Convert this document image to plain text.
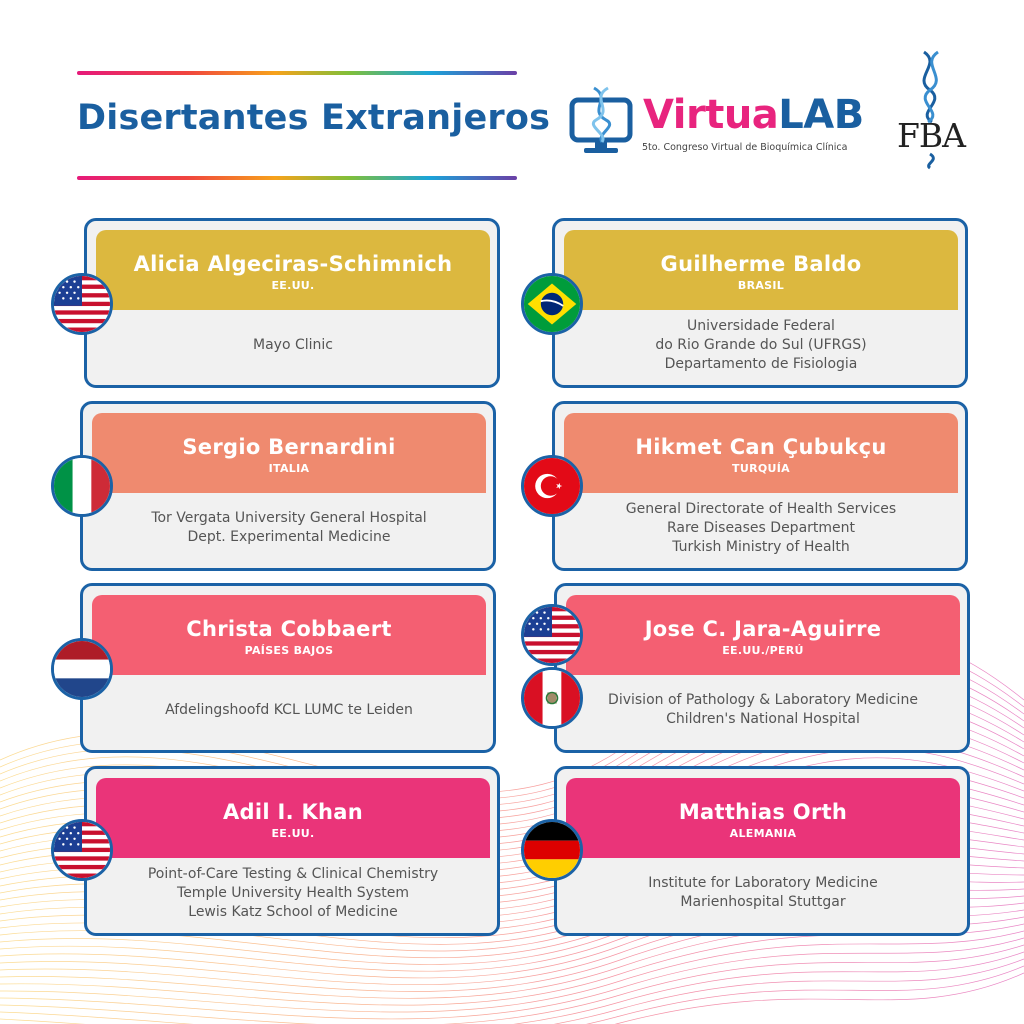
Disertantes Extranjeros VirtuaLAB
5to. Congreso Virtual de Bioquímica Clínica FBA
Alicia Algeciras-Schimnich
EE.UU.
Mayo Clinic
Guilherme Baldo
BRASIL
Universidade Federal
do Rio Grande do Sul (UFRGS)
Departamento de Fisiologia
Sergio Bernardini
ITALIA
Tor Vergata University General Hospital
Dept. Experimental Medicine
Hikmet Can Çubukçu
TURQUÍA
General Directorate of Health Services
Rare Diseases Department
Turkish Ministry of Health
Christa Cobbaert
PAÍSES BAJOS
Afdelingshoofd KCL LUMC te Leiden
Jose C. Jara-Aguirre
EE.UU./PERÚ
Division of Pathology & Laboratory Medicine
Children's National Hospital
Adil I. Khan
EE.UU.
Point-of-Care Testing & Clinical Chemistry
Temple University Health System
Lewis Katz School of Medicine
Matthias Orth
ALEMANIA
Institute for Laboratory Medicine
Marienhospital Stuttgar
